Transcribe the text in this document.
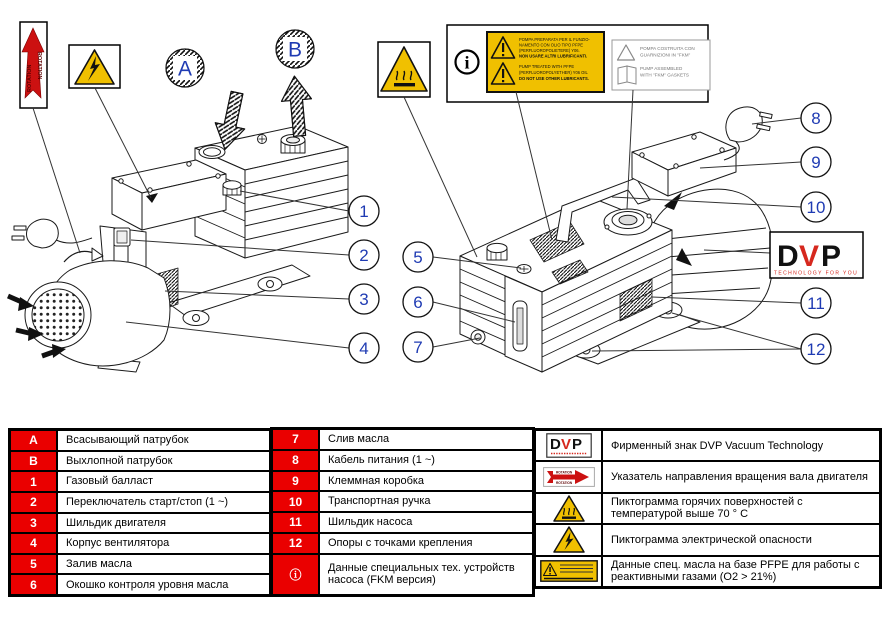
ROTATION ROTATION	i
POMPA PREPARATA PER IL FUNZIO-
NAMENTO CON OLIO TIPO PFPE
(PERFLUOROPOLIETERE) Y06.
NON USARE ALTRI LUBRIFICANTI.
PUMP TREATED WITH PFPE
(PERFLUOROPOLYETHER) Y06 OIL
DO NOT USE OTHER LUBRICANTS.
POMPA COSTRUITA CON
GUARNIZIONI IN "FKM"
PUMP ASSEMBLED
WITH "FKM" GASKETS
A
B
1
2
3
4
5
6
7
8
9
10
11
12
D V P
TECHNOLOGY FOR YOU
A	Всасывающий патрубок
B	Выхлопной патрубок
1	Газовый балласт
2	Переключатель старт/стоп (1 ~)
3	Шильдик двигателя
4	Корпус вентилятора
5	Залив масла
6	Окошко контроля уровня масла
7	Слив масла
8	Кабель питания (1 ~)
9	Клеммная коробка
10	Транспортная ручка
11	Шильдик насоса
12	Опоры с точками крепления
ⓘ	Данные специальных тех. устройств насоса (FKM версия)
D V P	Фирменный знак DVP Vacuum Technology
ROTATION
ROTATION	Указатель направления вращения вала двигателя
Пиктограмма горячих поверхностей с температурой выше 70 ° C
Пиктограмма электрической опасности
Данные спец. масла на базе PFPE для работы с реактивными газами (O2 > 21%)
